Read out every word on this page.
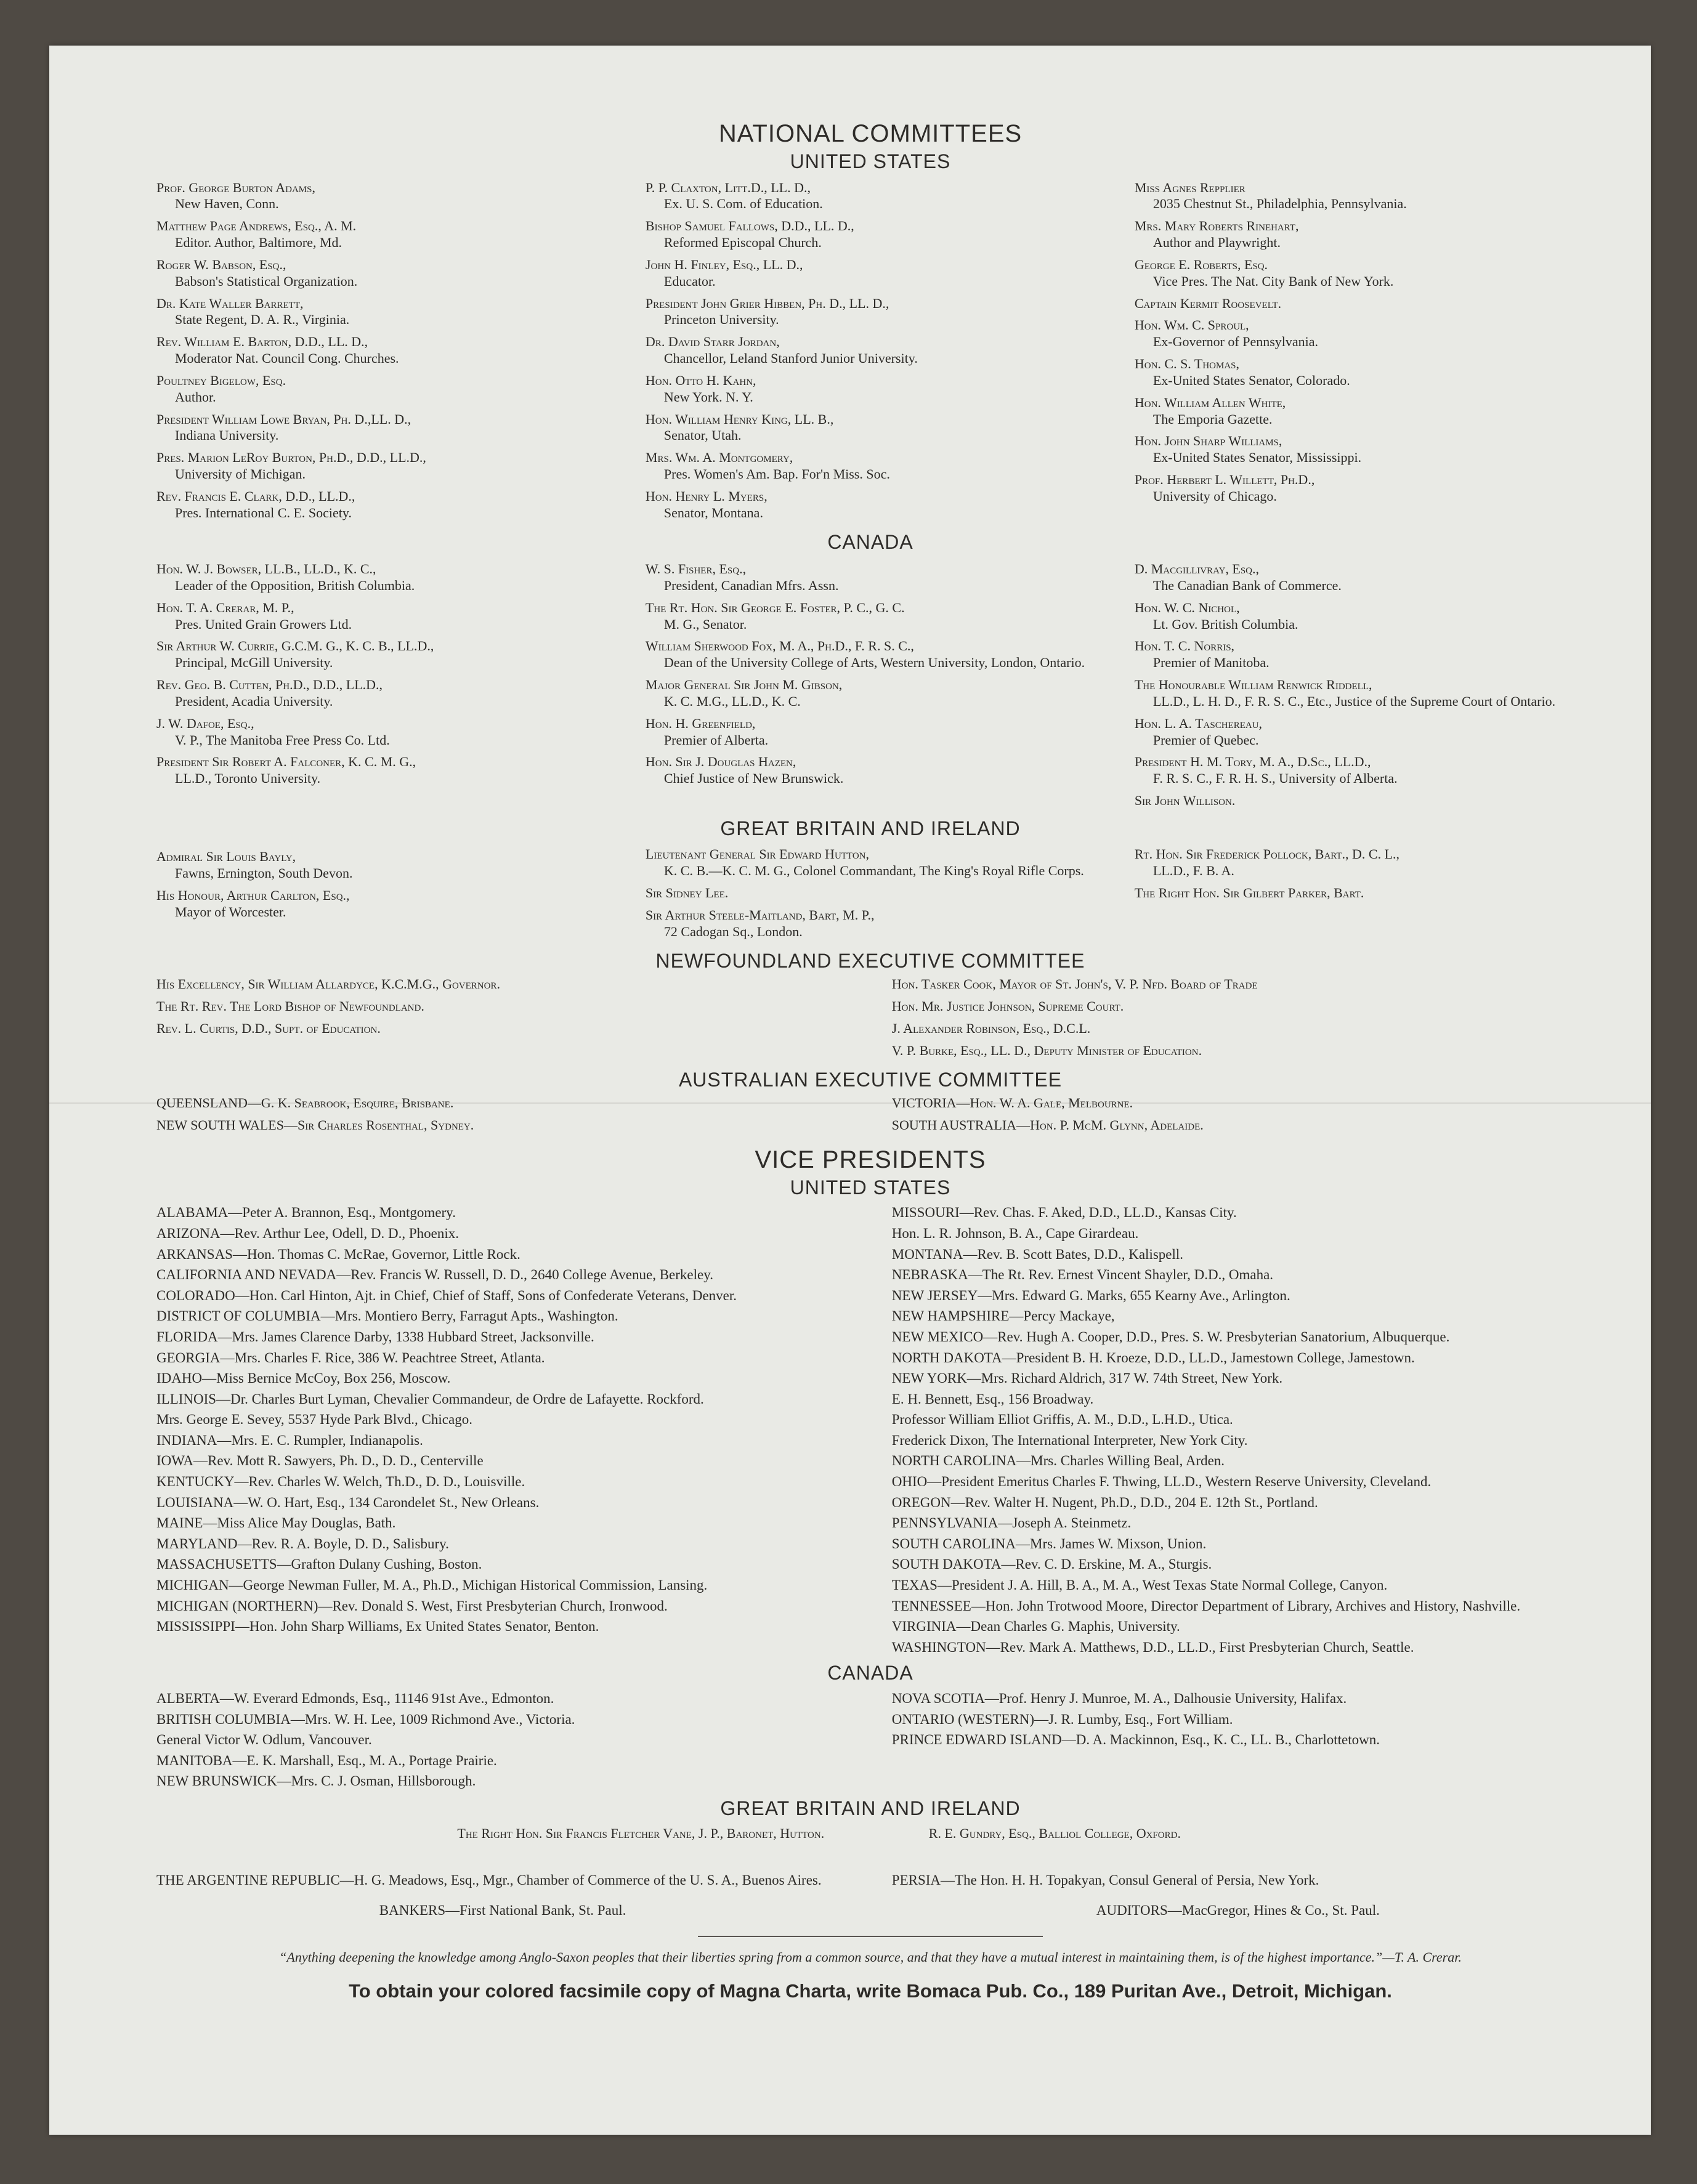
NATIONAL COMMITTEES
UNITED STATES
Prof. George Burton Adams,
New Haven, Conn.
Matthew Page Andrews, Esq., A. M.
Editor. Author, Baltimore, Md.
Roger W. Babson, Esq.,
Babson's Statistical Organization.
Dr. Kate Waller Barrett,
State Regent, D. A. R., Virginia.
Rev. William E. Barton, D.D., LL. D.,
Moderator Nat. Council Cong. Churches.
Poultney Bigelow, Esq.
Author.
President William Lowe Bryan, Ph. D.,LL. D.,
Indiana University.
Pres. Marion LeRoy Burton, Ph.D., D.D., LL.D.,
University of Michigan.
Rev. Francis E. Clark, D.D., LL.D.,
Pres. International C. E. Society.
P. P. Claxton, Litt.D., LL. D.,
Ex. U. S. Com. of Education.
Bishop Samuel Fallows, D.D., LL. D.,
Reformed Episcopal Church.
John H. Finley, Esq., LL. D.,
Educator.
President John Grier Hibben, Ph. D., LL. D.,
Princeton University.
Dr. David Starr Jordan,
Chancellor, Leland Stanford Junior University.
Hon. Otto H. Kahn,
New York. N. Y.
Hon. William Henry King, LL. B.,
Senator, Utah.
Mrs. Wm. A. Montgomery,
Pres. Women's Am. Bap. For'n Miss. Soc.
Hon. Henry L. Myers,
Senator, Montana.
Miss Agnes Repplier
2035 Chestnut St., Philadelphia, Pennsylvania.
Mrs. Mary Roberts Rinehart,
Author and Playwright.
George E. Roberts, Esq.
Vice Pres. The Nat. City Bank of New York.
Captain Kermit Roosevelt.
Hon. Wm. C. Sproul,
Ex-Governor of Pennsylvania.
Hon. C. S. Thomas,
Ex-United States Senator, Colorado.
Hon. William Allen White,
The Emporia Gazette.
Hon. John Sharp Williams,
Ex-United States Senator, Mississippi.
Prof. Herbert L. Willett, Ph.D.,
University of Chicago.
CANADA
Hon. W. J. Bowser, LL.B., LL.D., K. C.,
Leader of the Opposition, British Columbia.
Hon. T. A. Crerar, M. P.,
Pres. United Grain Growers Ltd.
Sir Arthur W. Currie, G.C.M. G., K. C. B., LL.D.,
Principal, McGill University.
Rev. Geo. B. Cutten, Ph.D., D.D., LL.D.,
President, Acadia University.
J. W. Dafoe, Esq.,
V. P., The Manitoba Free Press Co. Ltd.
President Sir Robert A. Falconer, K. C. M. G.,
LL.D., Toronto University.
W. S. Fisher, Esq.,
President, Canadian Mfrs. Assn.
The Rt. Hon. Sir George E. Foster, P. C., G. C.
M. G., Senator.
William Sherwood Fox, M. A., Ph.D., F. R. S. C.,
Dean of the University College of Arts, Western University, London, Ontario.
Major General Sir John M. Gibson,
K. C. M.G., LL.D., K. C.
Hon. H. Greenfield,
Premier of Alberta.
Hon. Sir J. Douglas Hazen,
Chief Justice of New Brunswick.
D. Macgillivray, Esq.,
The Canadian Bank of Commerce.
Hon. W. C. Nichol,
Lt. Gov. British Columbia.
Hon. T. C. Norris,
Premier of Manitoba.
The Honourable William Renwick Riddell,
LL.D., L. H. D., F. R. S. C., Etc., Justice of the Supreme Court of Ontario.
Hon. L. A. Taschereau,
Premier of Quebec.
President H. M. Tory, M. A., D.Sc., LL.D.,
F. R. S. C., F. R. H. S., University of Alberta.
Sir John Willison.
GREAT BRITAIN AND IRELAND
Admiral Sir Louis Bayly,
Fawns, Ernington, South Devon.
His Honour, Arthur Carlton, Esq.,
Mayor of Worcester.
Lieutenant General Sir Edward Hutton,
K. C. B.—K. C. M. G., Colonel Commandant, The King's Royal Rifle Corps.
Sir Sidney Lee.
Sir Arthur Steele-Maitland, Bart, M. P.,
72 Cadogan Sq., London.
Rt. Hon. Sir Frederick Pollock, Bart., D. C. L.,
LL.D., F. B. A.
The Right Hon. Sir Gilbert Parker, Bart.
NEWFOUNDLAND EXECUTIVE COMMITTEE
His Excellency, Sir William Allardyce, K.C.M.G., Governor.
The Rt. Rev. The Lord Bishop of Newfoundland.
Rev. L. Curtis, D.D., Supt. of Education.
Hon. Tasker Cook, Mayor of St. John's, V. P. Nfd. Board of Trade
Hon. Mr. Justice Johnson, Supreme Court.
J. Alexander Robinson, Esq., D.C.L.
V. P. Burke, Esq., LL. D., Deputy Minister of Education.
AUSTRALIAN EXECUTIVE COMMITTEE
QUEENSLAND—G. K. Seabrook, Esquire, Brisbane.
NEW SOUTH WALES—Sir Charles Rosenthal, Sydney.
VICTORIA—Hon. W. A. Gale, Melbourne.
SOUTH AUSTRALIA—Hon. P. McM. Glynn, Adelaide.
VICE PRESIDENTS
UNITED STATES
ALABAMA—Peter A. Brannon, Esq., Montgomery.
ARIZONA—Rev. Arthur Lee, Odell, D. D., Phoenix.
ARKANSAS—Hon. Thomas C. McRae, Governor, Little Rock.
CALIFORNIA AND NEVADA—Rev. Francis W. Russell, D. D., 2640 College Avenue, Berkeley.
COLORADO—Hon. Carl Hinton, Ajt. in Chief, Chief of Staff, Sons of Confederate Veterans, Denver.
DISTRICT OF COLUMBIA—Mrs. Montiero Berry, Farragut Apts., Washington.
FLORIDA—Mrs. James Clarence Darby, 1338 Hubbard Street, Jacksonville.
GEORGIA—Mrs. Charles F. Rice, 386 W. Peachtree Street, Atlanta.
IDAHO—Miss Bernice McCoy, Box 256, Moscow.
ILLINOIS—Dr. Charles Burt Lyman, Chevalier Commandeur, de Ordre de Lafayette. Rockford.
Mrs. George E. Sevey, 5537 Hyde Park Blvd., Chicago.
INDIANA—Mrs. E. C. Rumpler, Indianapolis.
IOWA—Rev. Mott R. Sawyers, Ph. D., D. D., Centerville
KENTUCKY—Rev. Charles W. Welch, Th.D., D. D., Louisville.
LOUISIANA—W. O. Hart, Esq., 134 Carondelet St., New Orleans.
MAINE—Miss Alice May Douglas, Bath.
MARYLAND—Rev. R. A. Boyle, D. D., Salisbury.
MASSACHUSETTS—Grafton Dulany Cushing, Boston.
MICHIGAN—George Newman Fuller, M. A., Ph.D., Michigan Historical Commission, Lansing.
MICHIGAN (NORTHERN)—Rev. Donald S. West, First Presbyterian Church, Ironwood.
MISSISSIPPI—Hon. John Sharp Williams, Ex United States Senator, Benton.
MISSOURI—Rev. Chas. F. Aked, D.D., LL.D., Kansas City.
Hon. L. R. Johnson, B. A., Cape Girardeau.
MONTANA—Rev. B. Scott Bates, D.D., Kalispell.
NEBRASKA—The Rt. Rev. Ernest Vincent Shayler, D.D., Omaha.
NEW JERSEY—Mrs. Edward G. Marks, 655 Kearny Ave., Arlington.
NEW HAMPSHIRE—Percy Mackaye,
NEW MEXICO—Rev. Hugh A. Cooper, D.D., Pres. S. W. Presbyterian Sanatorium, Albuquerque.
NORTH DAKOTA—President B. H. Kroeze, D.D., LL.D., Jamestown College, Jamestown.
NEW YORK—Mrs. Richard Aldrich, 317 W. 74th Street, New York.
E. H. Bennett, Esq., 156 Broadway.
Professor William Elliot Griffis, A. M., D.D., L.H.D., Utica.
Frederick Dixon, The International Interpreter, New York City.
NORTH CAROLINA—Mrs. Charles Willing Beal, Arden.
OHIO—President Emeritus Charles F. Thwing, LL.D., Western Reserve University, Cleveland.
OREGON—Rev. Walter H. Nugent, Ph.D., D.D., 204 E. 12th St., Portland.
PENNSYLVANIA—Joseph A. Steinmetz.
SOUTH CAROLINA—Mrs. James W. Mixson, Union.
SOUTH DAKOTA—Rev. C. D. Erskine, M. A., Sturgis.
TEXAS—President J. A. Hill, B. A., M. A., West Texas State Normal College, Canyon.
TENNESSEE—Hon. John Trotwood Moore, Director Department of Library, Archives and History, Nashville.
VIRGINIA—Dean Charles G. Maphis, University.
WASHINGTON—Rev. Mark A. Matthews, D.D., LL.D., First Presbyterian Church, Seattle.
CANADA
ALBERTA—W. Everard Edmonds, Esq., 11146 91st Ave., Edmonton.
BRITISH COLUMBIA—Mrs. W. H. Lee, 1009 Richmond Ave., Victoria.
General Victor W. Odlum, Vancouver.
MANITOBA—E. K. Marshall, Esq., M. A., Portage Prairie.
NEW BRUNSWICK—Mrs. C. J. Osman, Hillsborough.
NOVA SCOTIA—Prof. Henry J. Munroe, M. A., Dalhousie University, Halifax.
ONTARIO (WESTERN)—J. R. Lumby, Esq., Fort William.
PRINCE EDWARD ISLAND—D. A. Mackinnon, Esq., K. C., LL. B., Charlottetown.
GREAT BRITAIN AND IRELAND
The Right Hon. Sir Francis Fletcher Vane, J. P., Baronet, Hutton.	R. E. Gundry, Esq., Balliol College, Oxford.
THE ARGENTINE REPUBLIC—H. G. Meadows, Esq., Mgr., Chamber of Commerce of the U. S. A., Buenos Aires.	PERSIA—The Hon. H. H. Topakyan, Consul General of Persia, New York.
BANKERS—First National Bank, St. Paul.	AUDITORS—MacGregor, Hines & Co., St. Paul.
“Anything deepening the knowledge among Anglo-Saxon peoples that their liberties spring from a common source, and that they have a mutual interest in maintaining them, is of the highest importance.”—T. A. Crerar.
To obtain your colored facsimile copy of Magna Charta, write Bomaca Pub. Co., 189 Puritan Ave., Detroit, Michigan.
